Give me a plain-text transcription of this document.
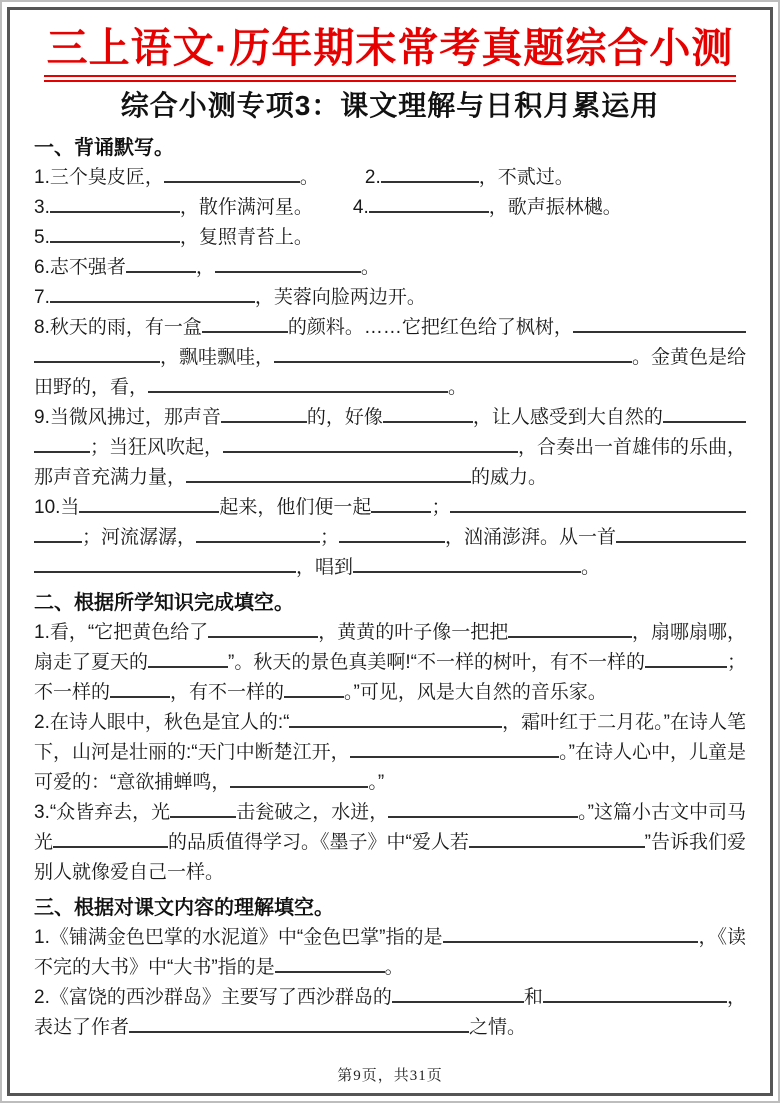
三上语文·历年期末常考真题综合小测
综合小测专项3：课文理解与日积月累运用
一、背诵默写。
1.三个臭皮匠，	。 2.	，不贰过。
3.	，散作满河星。 4.	，歌声振林樾。
5.	，复照青苔上。
6.志不强者	，	。
7.	，芙蓉向脸两边开。
8.秋天的雨，有一盒	的颜料。……它把红色给了枫树，
，飘哇飘哇，	。金黄色是给
田野的，看，	。
9.当微风拂过，那声音	的，好像	，让人感受到大自然的
；当狂风吹起，	，合奏出一首雄伟的乐曲，
那声音充满力量，	的威力。
10.当	起来，他们便一起	；
；河流潺潺，	；	，汹涌澎湃。从一首
，唱到	。
二、根据所学知识完成填空。
1.看，“它把黄色给了	，黄黄的叶子像一把把	，扇哪扇哪，
扇走了夏天的	”。秋天的景色真美啊!“不一样的树叶，有不一样的	；
不一样的	，有不一样的	。”可见，风是大自然的音乐家。
2.在诗人眼中，秋色是宜人的:“	，霜叶红于二月花。”在诗人笔
下，山河是壮丽的:“天门中断楚江开，	。”在诗人心中，儿童是
可爱的：“意欲捕蝉鸣，	。”
3.“众皆弃去，光	击瓮破之，水迸，	。”这篇小古文中司马
光	的品质值得学习。《墨子》中“爱人若	”告诉我们爱
别人就像爱自己一样。
三、根据对课文内容的理解填空。
1.《铺满金色巴掌的水泥道》中“金色巴掌”指的是	，《读
不完的大书》中“大书”指的是	。
2.《富饶的西沙群岛》主要写了西沙群岛的	和	，
表达了作者	之情。
第9页，共31页
